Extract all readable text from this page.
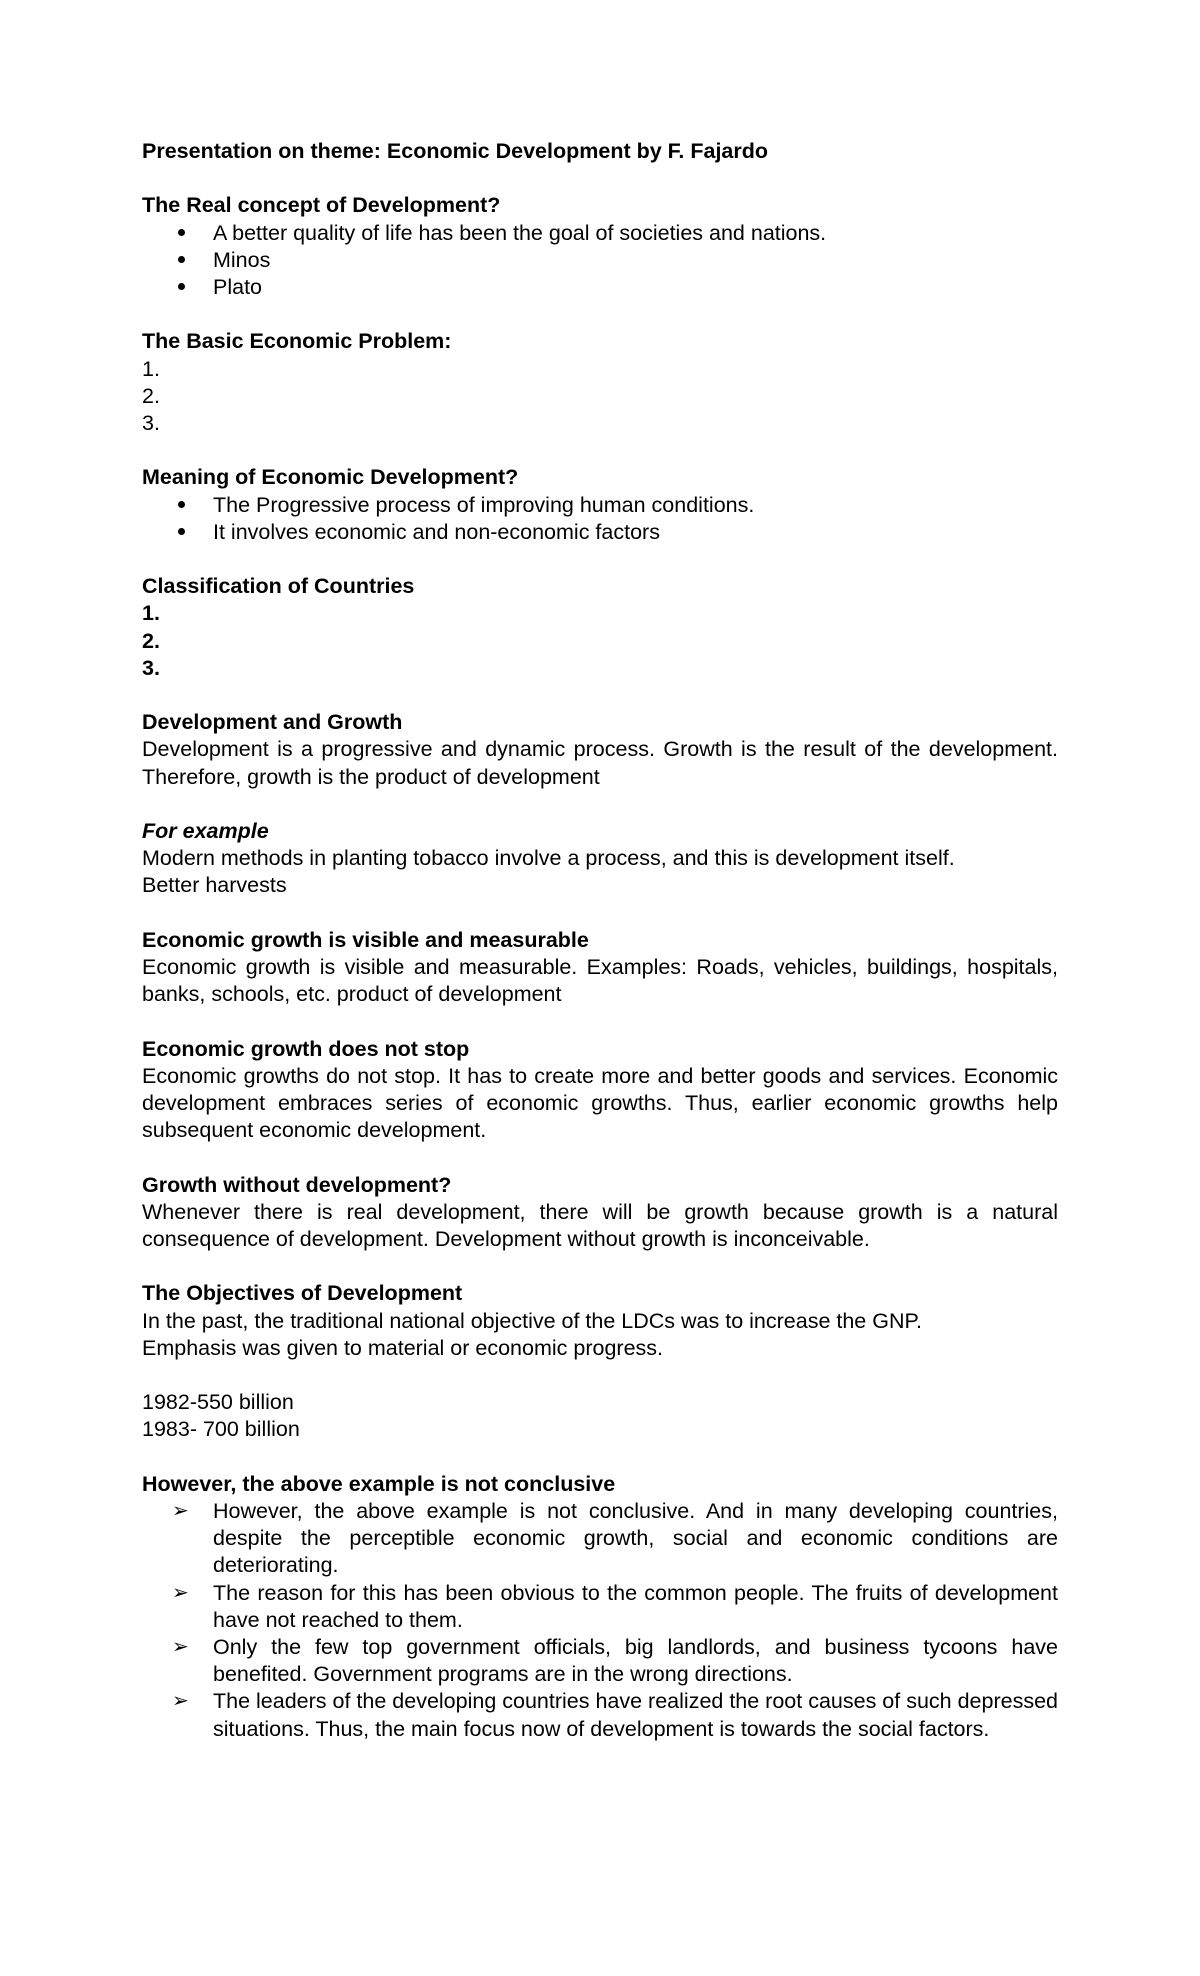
Presentation on theme: Economic Development by F. Fajardo

The Real concept of Development?

A better quality of life has been the goal of societies and nations.
Minos
Plato

The Basic Economic Problem:

1.
2.
3.

Meaning of Economic Development?

The Progressive process of improving human conditions.
It involves economic and non-economic factors

Classification of Countries

1.
2.
3.

Development and Growth

Development is a progressive and dynamic process. Growth is the result of the development. Therefore, growth is the product of development

For example

Modern methods in planting tobacco involve a process, and this is development itself.

Better harvests

Economic growth is visible and measurable

Economic growth is visible and measurable. Examples: Roads, vehicles, buildings, hospitals, banks, schools, etc. product of development

Economic growth does not stop

Economic growths do not stop. It has to create more and better goods and services. Economic development embraces series of economic growths. Thus, earlier economic growths help subsequent economic development.

Growth without development?

Whenever there is real development, there will be growth because growth is a natural consequence of development. Development without growth is inconceivable.

The Objectives of Development

In the past, the traditional national objective of the LDCs was to increase the GNP.

Emphasis was given to material or economic progress.

1982-550 billion

1983- 700 billion

However, the above example is not conclusive

➢ However, the above example is not conclusive. And in many developing countries, despite the perceptible economic growth, social and economic conditions are deteriorating.
➢ The reason for this has been obvious to the common people. The fruits of development have not reached to them.
➢ Only the few top government officials, big landlords, and business tycoons have benefited. Government programs are in the wrong directions.
➢ The leaders of the developing countries have realized the root causes of such depressed situations. Thus, the main focus now of development is towards the social factors.
